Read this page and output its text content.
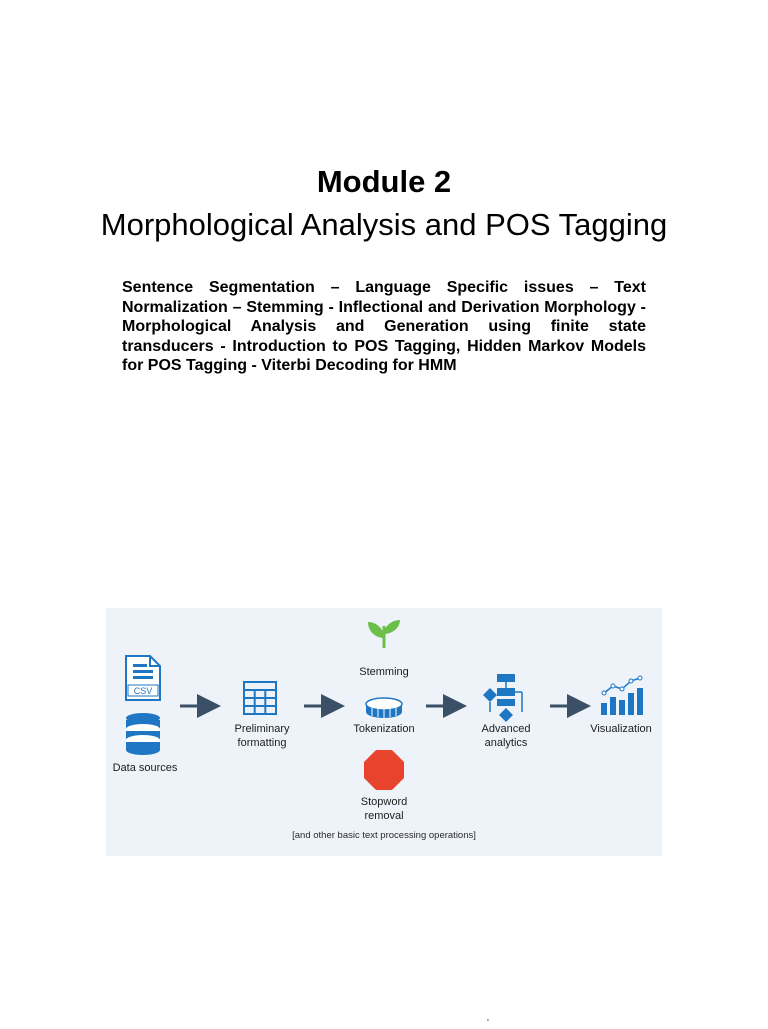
Module 2
Morphological Analysis and POS Tagging
Sentence Segmentation – Language Specific issues – Text Normalization – Stemming - Inflectional and Derivation Morphology - Morphological Analysis and Generation using finite state transducers - Introduction to POS Tagging, Hidden Markov Models for POS Tagging - Viterbi Decoding for HMM
CSV
Data sources
Preliminary
formatting
Stemming
Tokenization
Stopword
removal
Advanced
analytics
Visualization
[and other basic text processing operations]
'
